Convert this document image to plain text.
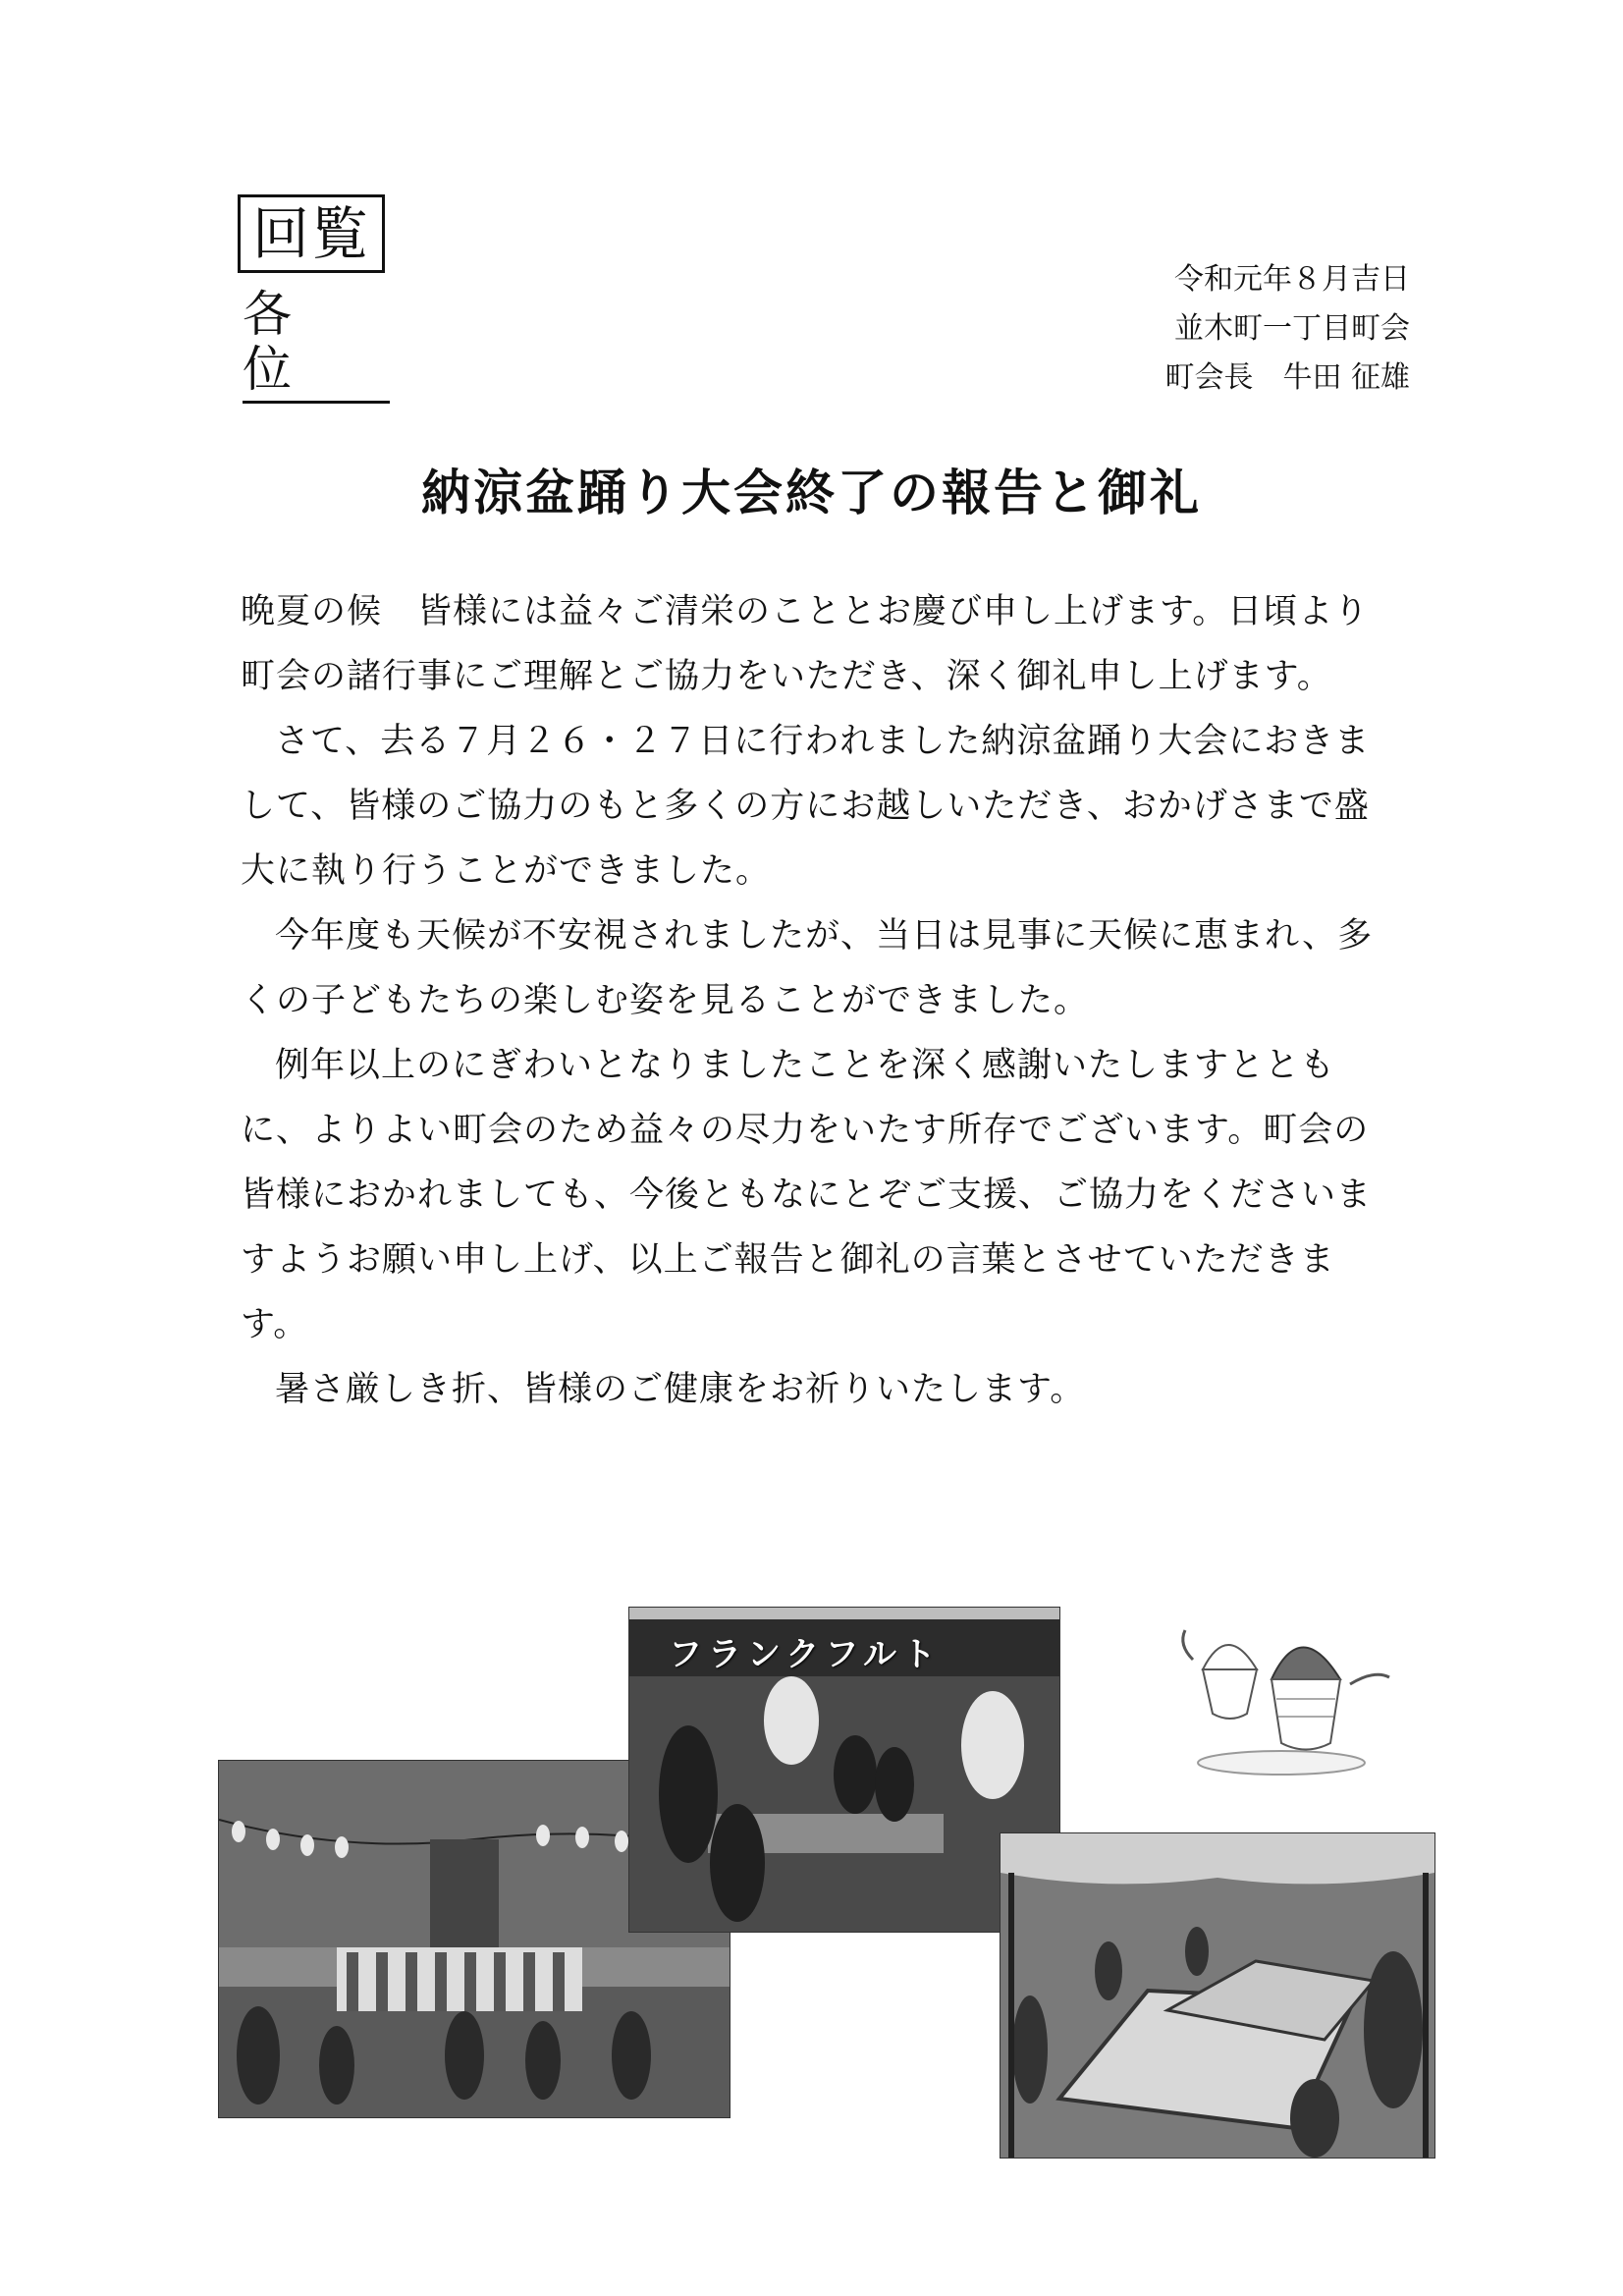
回覧
各位
令和元年８月吉日
並木町一丁目町会
町会長　牛田 征雄
納涼盆踊り大会終了の報告と御礼

晩夏の候　皆様には益々ご清栄のこととお慶び申し上げます。日頃より町会の諸行事にご理解とご協力をいただき、深く御礼申し上げます。

さて、去る７月２６・２７日に行われました納涼盆踊り大会におきまして、皆様のご協力のもと多くの方にお越しいただき、おかげさまで盛大に執り行うことができました。

今年度も天候が不安視されましたが、当日は見事に天候に恵まれ、多くの子どもたちの楽しむ姿を見ることができました。

例年以上のにぎわいとなりましたことを深く感謝いたしますとともに、よりよい町会のため益々の尽力をいたす所存でございます。町会の皆様におかれましても、今後ともなにとぞご支援、ご協力をくださいますようお願い申し上げ、以上ご報告と御礼の言葉とさせていただきます。

暑さ厳しき折、皆様のご健康をお祈りいたします。

フランクフルト
